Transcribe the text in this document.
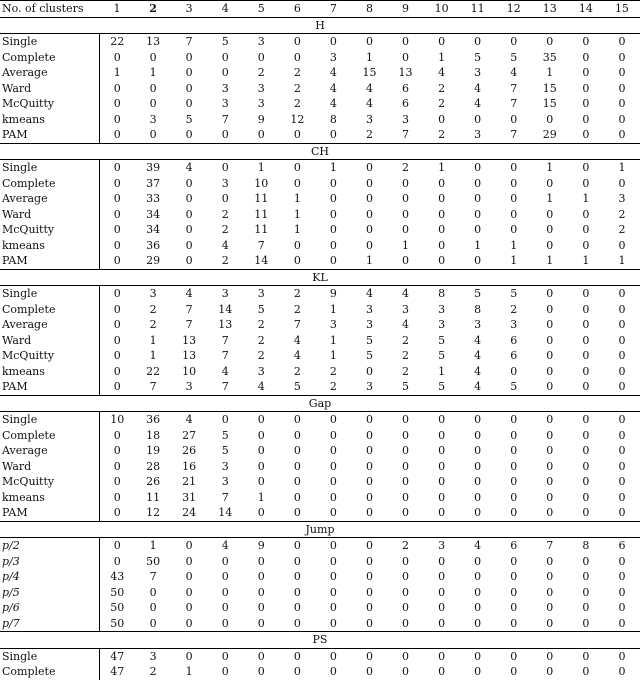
No. of clusters	1	2	3	4	5	6	7	8	9	10	11	12	13	14	15
H															
Single	22	13	7	5	3	0	0	0	0	0	0	0	0	0	0
Complete	0	0	0	0	0	0	3	1	0	1	5	5	35	0	0
Average	1	1	0	0	2	2	4	15	13	4	3	4	1	0	0
Ward	0	0	0	3	3	2	4	4	6	2	4	7	15	0	0
McQuitty	0	0	0	3	3	2	4	4	6	2	4	7	15	0	0
kmeans	0	3	5	7	9	12	8	3	3	0	0	0	0	0	0
PAM	0	0	0	0	0	0	0	2	7	2	3	7	29	0	0
CH															
Single	0	39	4	0	1	0	1	0	2	1	0	0	1	0	1
Complete	0	37	0	3	10	0	0	0	0	0	0	0	0	0	0
Average	0	33	0	0	11	1	0	0	0	0	0	0	1	1	3
Ward	0	34	0	2	11	1	0	0	0	0	0	0	0	0	2
McQuitty	0	34	0	2	11	1	0	0	0	0	0	0	0	0	2
kmeans	0	36	0	4	7	0	0	0	1	0	1	1	0	0	0
PAM	0	29	0	2	14	0	0	1	0	0	0	1	1	1	1
KL															
Single	0	3	4	3	3	2	9	4	4	8	5	5	0	0	0
Complete	0	2	7	14	5	2	1	3	3	3	8	2	0	0	0
Average	0	2	7	13	2	7	3	3	4	3	3	3	0	0	0
Ward	0	1	13	7	2	4	1	5	2	5	4	6	0	0	0
McQuitty	0	1	13	7	2	4	1	5	2	5	4	6	0	0	0
kmeans	0	22	10	4	3	2	2	0	2	1	4	0	0	0	0
PAM	0	7	3	7	4	5	2	3	5	5	4	5	0	0	0
Gap															
Single	10	36	4	0	0	0	0	0	0	0	0	0	0	0	0
Complete	0	18	27	5	0	0	0	0	0	0	0	0	0	0	0
Average	0	19	26	5	0	0	0	0	0	0	0	0	0	0	0
Ward	0	28	16	3	0	0	0	0	0	0	0	0	0	0	0
McQuitty	0	26	21	3	0	0	0	0	0	0	0	0	0	0	0
kmeans	0	11	31	7	1	0	0	0	0	0	0	0	0	0	0
PAM	0	12	24	14	0	0	0	0	0	0	0	0	0	0	0
Jump															
p/2	0	1	0	4	9	0	0	0	2	3	4	6	7	8	6
p/3	0	50	0	0	0	0	0	0	0	0	0	0	0	0	0
p/4	43	7	0	0	0	0	0	0	0	0	0	0	0	0	0
p/5	50	0	0	0	0	0	0	0	0	0	0	0	0	0	0
p/6	50	0	0	0	0	0	0	0	0	0	0	0	0	0	0
p/7	50	0	0	0	0	0	0	0	0	0	0	0	0	0	0
PS															
Single	47	3	0	0	0	0	0	0	0	0	0	0	0	0	0
Complete	47	2	1	0	0	0	0	0	0	0	0	0	0	0	0
